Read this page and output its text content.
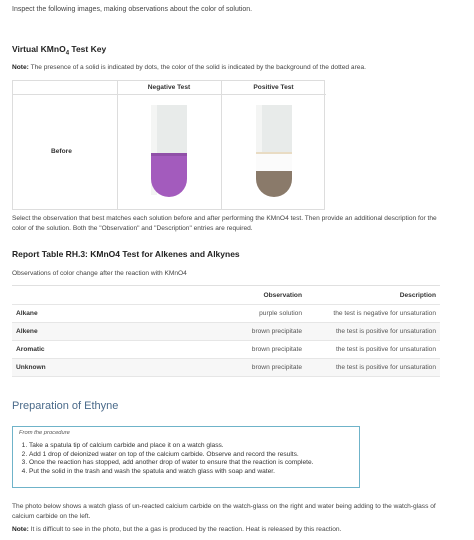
Inspect the following images, making observations about the color of solution.
Virtual KMnO$_4$ Test Key
Note: The presence of a solid is indicated by dots, the color of the solid is indicated by the background of the dotted area.
Negative Test	Positive Test
Before
Select the observation that best matches each solution before and after performing the KMnO4 test. Then provide an additional description for the color of the solution. Both the "Observation" and "Description" entries are required.
Report Table RH.3: KMnO4 Test for Alkenes and Alkynes
Observations of color change after the reaction with KMnO4
Observation	Description
Alkane	purple solution	the test is negative for unsaturation
Alkene	brown precipitate	the test is positive for unsaturation
Aromatic	brown precipitate	the test is positive for unsaturation
Unknown	brown precipitate	the test is positive for unsaturation
Preparation of Ethyne
From the procedure
1. Take a spatula tip of calcium carbide and place it on a watch glass.
2. Add 1 drop of deionized water on top of the calcium carbide. Observe and record the results.
3. Once the reaction has stopped, add another drop of water to ensure that the reaction is complete.
4. Put the solid in the trash and wash the spatula and watch glass with soap and water.
The photo below shows a watch glass of un-reacted calcium carbide on the watch-glass on the right and water being adding to the watch-glass of calcium carbide on the left.
Note: It is difficult to see in the photo, but the a gas is produced by the reaction. Heat is released by this reaction.
